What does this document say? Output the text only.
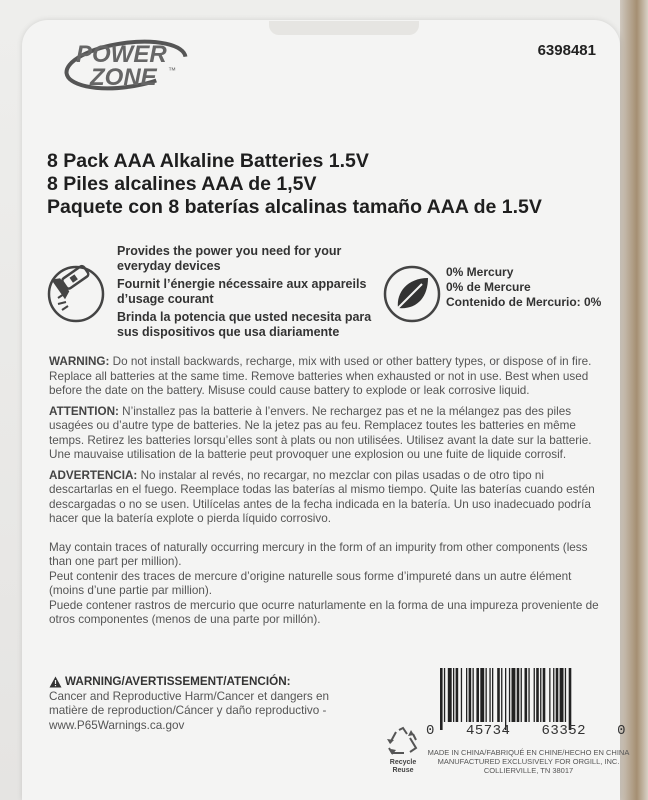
POWER
ZONE ™
6398481
8 Pack AAA Alkaline Batteries 1.5V
8 Piles alcalines AAA de 1,5V
Paquete con 8 baterías alcalinas tamaño AAA de 1.5V

Provides the power you need for your everyday devices

Fournit l’énergie nécessaire aux appareils d’usage courant

Brinda la potencia que usted necesita para sus dispositivos que usa diariamente

0% Mercury
0% de Mercure
Contenido de Mercurio: 0%

WARNING: Do not install backwards, recharge, mix with used or other battery types, or dispose of in fire. Replace all batteries at the same time. Remove batteries when exhausted or not in use. Best when used before the date on the battery. Misuse could cause battery to explode or leak corrosive liquid.

ATTENTION: N’installez pas la batterie à l’envers. Ne rechargez pas et ne la mélangez pas des piles usagées ou d’autre type de batteries. Ne la jetez pas au feu. Remplacez toutes les batteries en même temps. Retirez les batteries lorsqu’elles sont à plats ou non utilisées. Utilisez avant la date sur la batterie. Une mauvaise utilisation de la batterie peut provoquer une explosion ou une fuite de liquide corrosif.

ADVERTENCIA: No instalar al revés, no recargar, no mezclar con pilas usadas o de otro tipo ni descartarlas en el fuego. Reemplace todas las baterías al mismo tiempo. Quite las baterías cuando estén descargadas o no se usen. Utilícelas antes de la fecha indicada en la batería. Un uso inadecuado podría hacer que la batería explote o pierda líquido corrosivo.

May contain traces of naturally occurring mercury in the form of an impurity from other components (less than one part per million).
Peut contenir des traces de mercure d’origine naturelle sous forme d’impureté dans un autre élément (moins d’une partie par million).
Puede contener rastros de mercurio que ocurre naturlamente en la forma de una impureza proveniente de otros componentes (menos de una parte por millón).

WARNING/AVERTISSEMENT/ATENCIÓN:
Cancer and Reproductive Harm/Cancer et dangers en matière de reproduction/Cáncer y daño reproductivo - www.P65Warnings.ca.gov
Recycle
Reuse
0 45734 63352 0
MADE IN CHINA/FABRIQUÉ EN CHINE/HECHO EN CHINA
MANUFACTURED EXCLUSIVELY FOR ORGILL, INC.
COLLIERVILLE, TN 38017
